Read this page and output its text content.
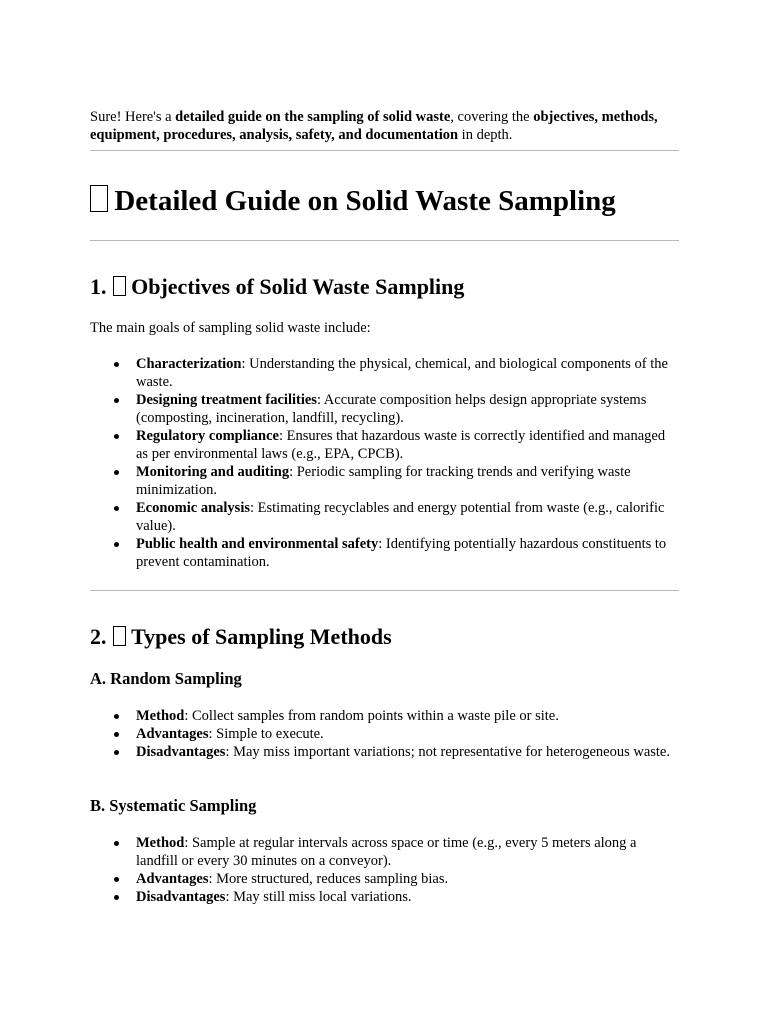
Sure! Here's a detailed guide on the sampling of solid waste, covering the objectives, methods, equipment, procedures, analysis, safety, and documentation in depth.

Detailed Guide on Solid Waste Sampling
1. Objectives of Solid Waste Sampling

The main goals of sampling solid waste include:

Characterization: Understanding the physical, chemical, and biological components of the waste.
Designing treatment facilities: Accurate composition helps design appropriate systems (composting, incineration, landfill, recycling).
Regulatory compliance: Ensures that hazardous waste is correctly identified and managed as per environmental laws (e.g., EPA, CPCB).
Monitoring and auditing: Periodic sampling for tracking trends and verifying waste minimization.
Economic analysis: Estimating recyclables and energy potential from waste (e.g., calorific value).
Public health and environmental safety: Identifying potentially hazardous constituents to prevent contamination.
2. Types of Sampling Methods
A. Random Sampling
Method: Collect samples from random points within a waste pile or site.
Advantages: Simple to execute.
Disadvantages: May miss important variations; not representative for heterogeneous waste.
B. Systematic Sampling
Method: Sample at regular intervals across space or time (e.g., every 5 meters along a landfill or every 30 minutes on a conveyor).
Advantages: More structured, reduces sampling bias.
Disadvantages: May still miss local variations.
